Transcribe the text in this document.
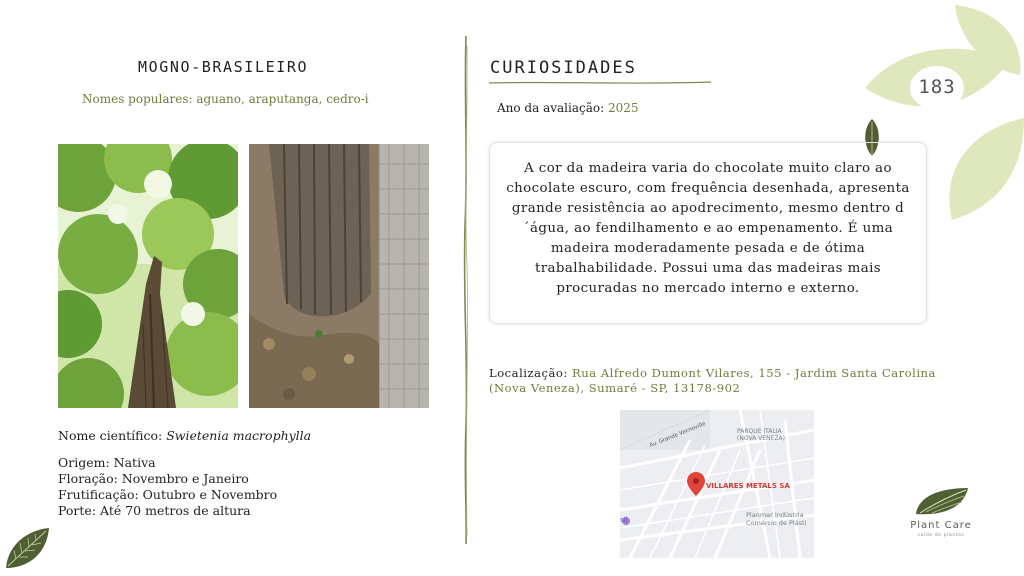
183
MOGNO-BRASILEIRO
Nomes populares: aguano, araputanga, cedro-i
Nome científico: Swietenia macrophylla
Origem: Nativa
Floração: Novembro e Janeiro
Frutificação: Outubro e Novembro
Porte: Até 70 metros de altura
CURIOSIDADES
Ano da avaliação: 2025
A cor da madeira varia do chocolate muito claro ao chocolate escuro, com frequência desenhada, apresenta grande resistência ao apodrecimento, mesmo dentro d´água, ao fendilhamento e ao empenamento. É uma madeira moderadamente pesada e de ótima trabalhabilidade. Possui uma das madeiras mais procuradas no mercado interno e externo.
Localização: Rua Alfredo Dumont Vilares, 155 - Jardim Santa Carolina (Nova Veneza), Sumaré - SP, 13178-902
Av. Grande Vecnoville	PARQUE ITALIA
(NOVA VENEZA)
VILLARES METALS SA
Planmar Indústria
Comércio de Plásti
sil	Plant Care
cuide de plantas
